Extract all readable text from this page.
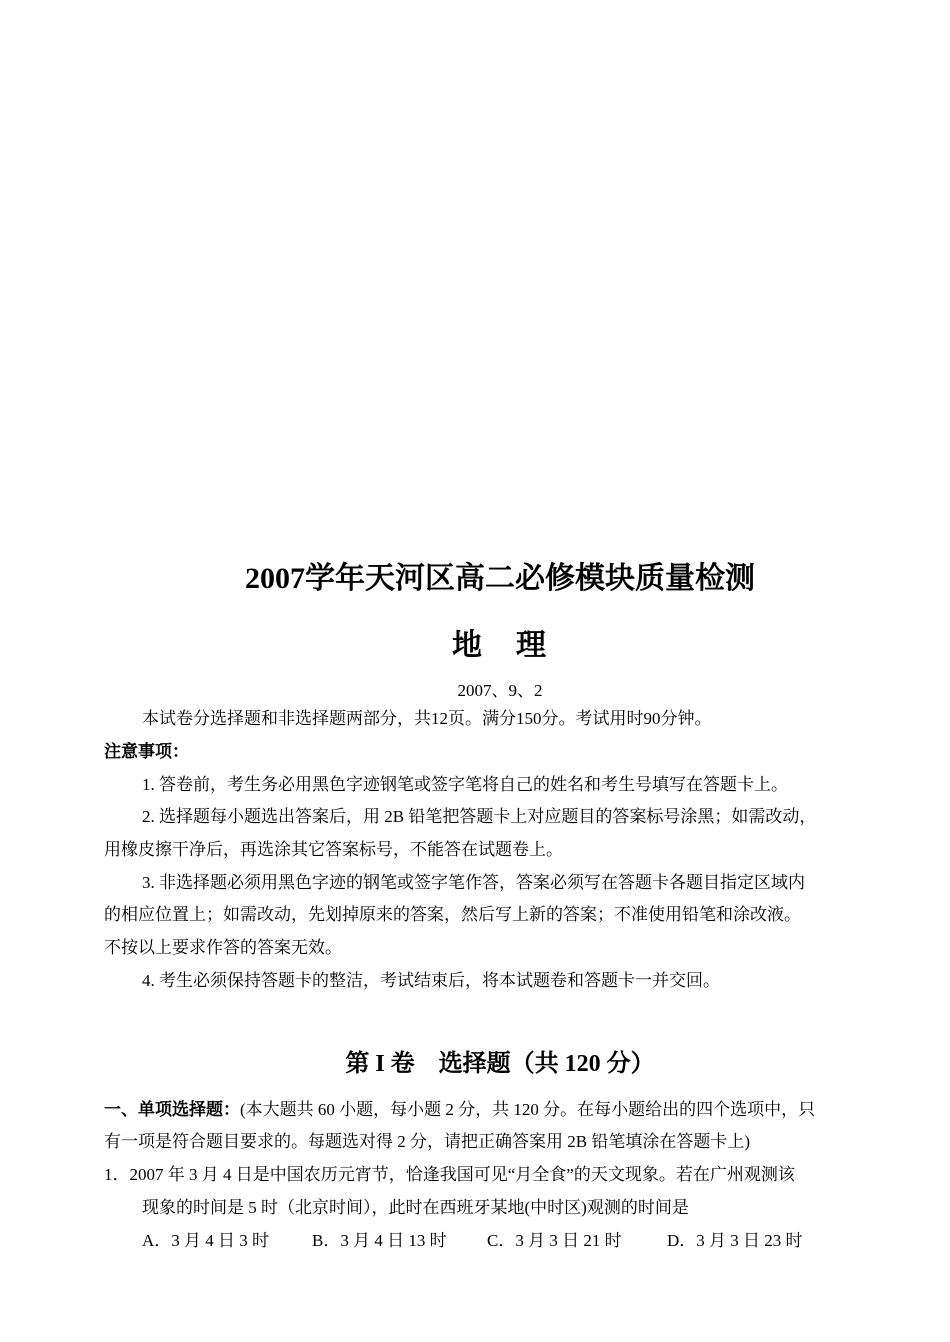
2007学年天河区高二必修模块质量检测
地　理
2007、9、2
本试卷分选择题和非选择题两部分，共12页。满分150分。考试用时90分钟。
注意事项：
1. 答卷前，考生务必用黑色字迹钢笔或签字笔将自己的姓名和考生号填写在答题卡上。
2. 选择题每小题选出答案后，用 2B 铅笔把答题卡上对应题目的答案标号涂黑；如需改动，
用橡皮擦干净后，再选涂其它答案标号，不能答在试题卷上。
3. 非选择题必须用黑色字迹的钢笔或签字笔作答，答案必须写在答题卡各题目指定区域内
的相应位置上；如需改动，先划掉原来的答案，然后写上新的答案；不准使用铅笔和涂改液。
不按以上要求作答的答案无效。
4. 考生必须保持答题卡的整洁，考试结束后，将本试题卷和答题卡一并交回。
第 I 卷　选择题（共 120 分）
一、单项选择题：(本大题共 60 小题，每小题 2 分，共 120 分。在每小题给出的四个选项中，只
有一项是符合题目要求的。每题选对得 2 分，请把正确答案用 2B 铅笔填涂在答题卡上)
1．2007 年 3 月 4 日是中国农历元宵节，恰逢我国可见“月全食”的天文现象。若在广州观测该
现象的时间是 5 时（北京时间），此时在西班牙某地(中时区)观测的时间是
A．3 月 4 日 3 时	B．3 月 4 日 13 时 C．3 月 3 日 21 时	D．3 月 3 日 23 时
